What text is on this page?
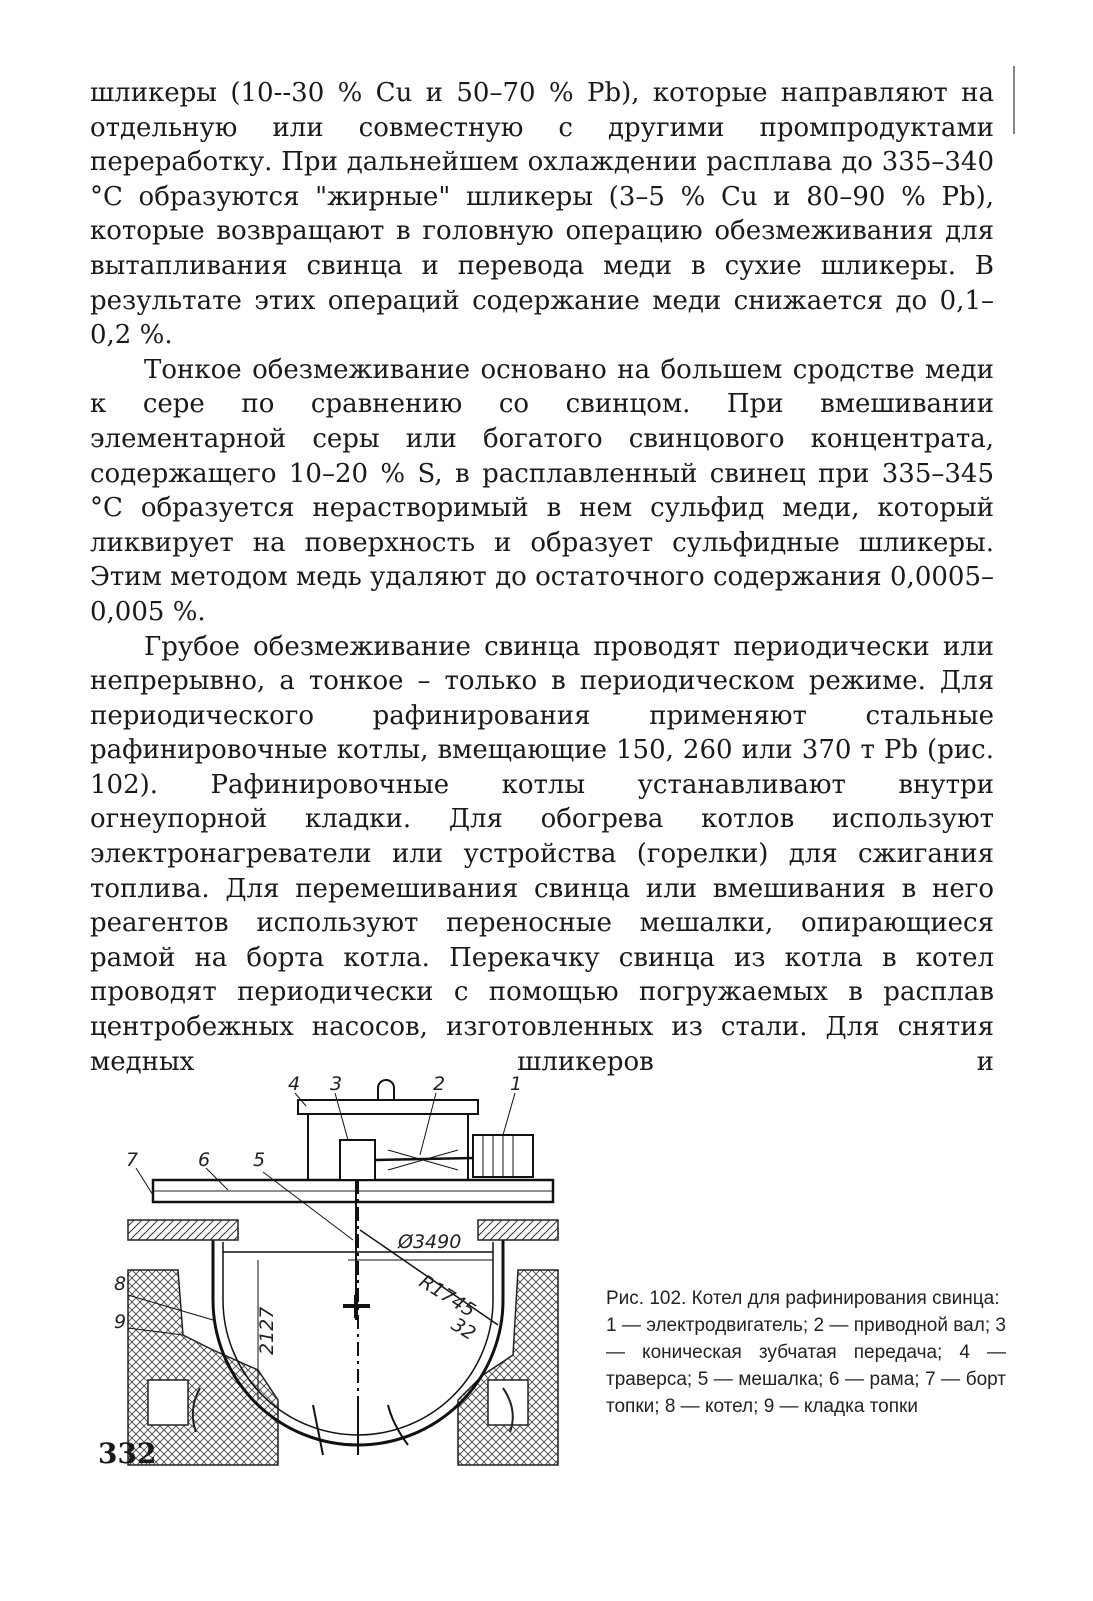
шликеры (10--30 % Cu и 50–70 % Pb), которые направляют на отдельную или совместную с другими промпродуктами переработку. При дальнейшем охлаждении расплава до 335–340 °С образуются "жирные" шликеры (3–5 % Cu и 80–90 % Pb), которые возвращают в головную операцию обезмеживания для вытапливания свинца и перевода меди в сухие шликеры. В результате этих операций содержание меди снижается до 0,1–0,2 %.

Тонкое обезмеживание основано на большем сродстве меди к сере по сравнению со свинцом. При вмешивании элементарной серы или богатого свинцового концентрата, содержащего 10–20 % S, в расплавленный свинец при 335–345 °С образуется нерастворимый в нем сульфид меди, который ликвирует на поверхность и образует сульфидные шликеры. Этим методом медь удаляют до остаточного содержания 0,0005–0,005 %.

Грубое обезмеживание свинца проводят периодически или непрерывно, а тонкое – только в периодическом режиме. Для периодического рафинирования применяют стальные рафинировочные котлы, вмещающие 150, 260 или 370 т Pb (рис. 102). Рафинировочные котлы устанавливают внутри огнеупорной кладки. Для обогрева котлов используют электронагреватели или устройства (горелки) для сжигания топлива. Для перемешивания свинца или вмешивания в него реагентов используют переносные мешалки, опирающиеся рамой на борта котла. Перекачку свинца из котла в котел проводят периодически с помощью погружаемых в расплав центробежных насосов, изготовленных из стали. Для снятия медных шликеров и

4 3	2	1
5
6
7
8
9
Ø3490
R1745
2127	32

Рис. 102. Котел для рафинирования свинца:

1 — электродвигатель; 2 — приводной вал; 3 — коническая зубчатая передача; 4 — траверса; 5 — мешалка; 6 — рама; 7 — борт топки; 8 — котел; 9 — кладка топки

332
